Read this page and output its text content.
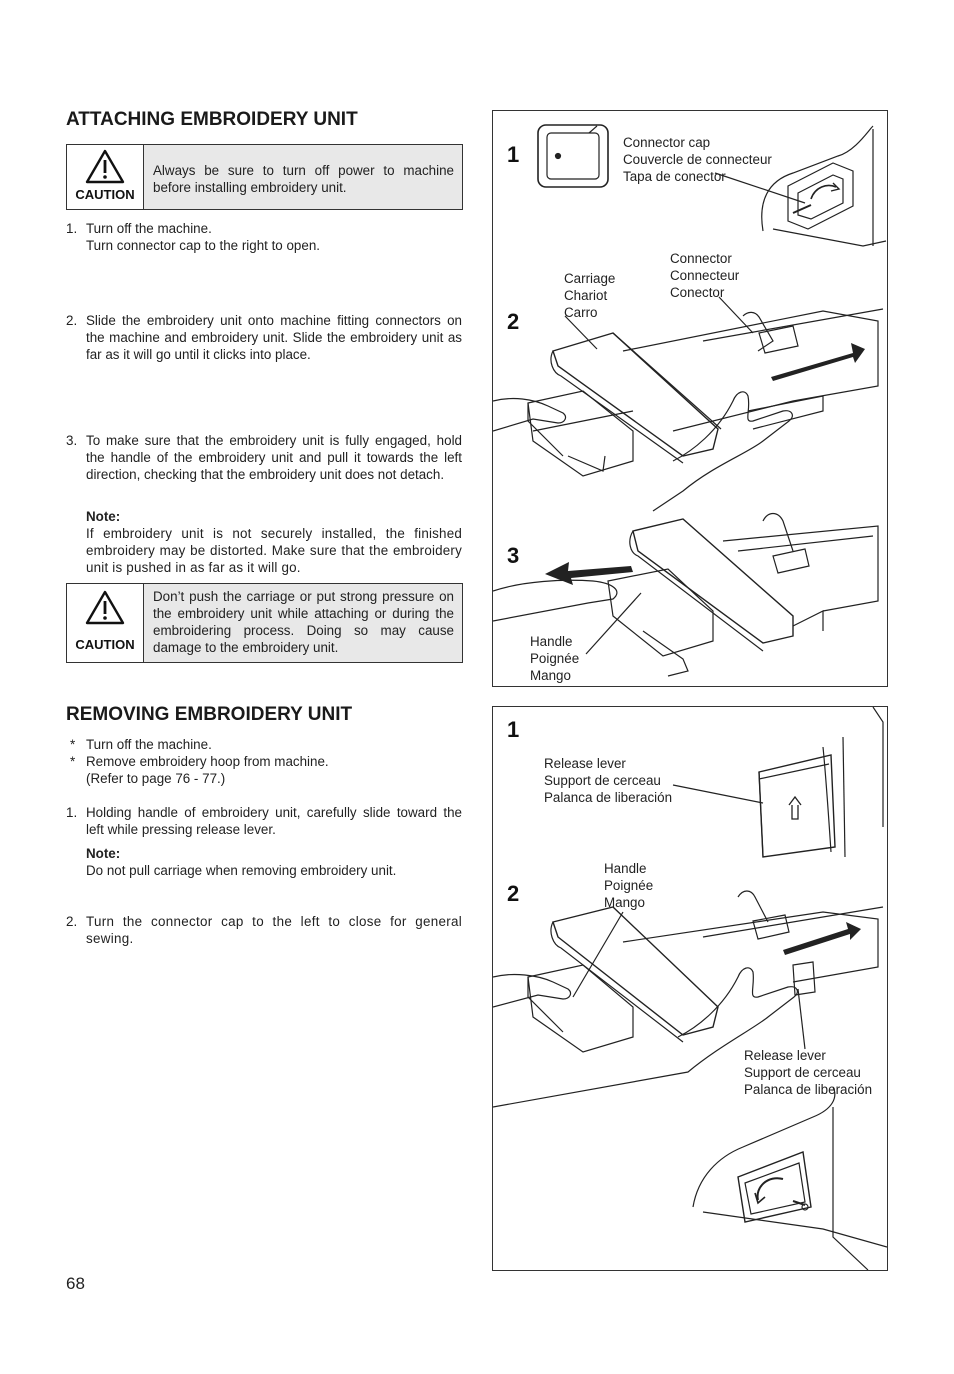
ATTACHING EMBROIDERY UNIT
CAUTION
Always be sure to turn off power to machine before installing embroidery unit.
1. Turn off the machine.
Turn connector cap to the right to open.
2. Slide the embroidery unit onto machine fitting connectors on the machine and embroidery unit. Slide the embroidery unit as far as it will go until it clicks into place.
3. To make sure that the embroidery unit is fully engaged, hold the handle of the embroidery unit and pull it towards the left direction, checking that the embroidery unit does not detach.
Note:
If embroidery unit is not securely installed, the finished embroidery may be distorted. Make sure that the embroidery unit is pushed in as far as it will go.
CAUTION
Don’t push the carriage or put strong pressure on the embroidery unit while attaching or during the embroidering process. Doing so may cause damage to the embroidery unit.
REMOVING EMBROIDERY UNIT
* Turn off the machine.
* Remove embroidery hoop from machine.
(Refer to page 76 - 77.)
1. Holding handle of embroidery unit, carefully slide toward the left while pressing release lever.
Note:
Do not pull carriage when removing embroidery unit.
2. Turn the connector cap to the left to close for general sewing.
1
2
3
Connector cap
Couvercle de connecteur
Tapa de conector
Carriage
Chariot
Carro
Connector
Connecteur
Conector
Handle
Poignée
Mango
1
2
Release lever
Support de cerceau
Palanca de liberación
Handle
Poignée
Mango
Release lever
Support de cerceau
Palanca de liberación
68
